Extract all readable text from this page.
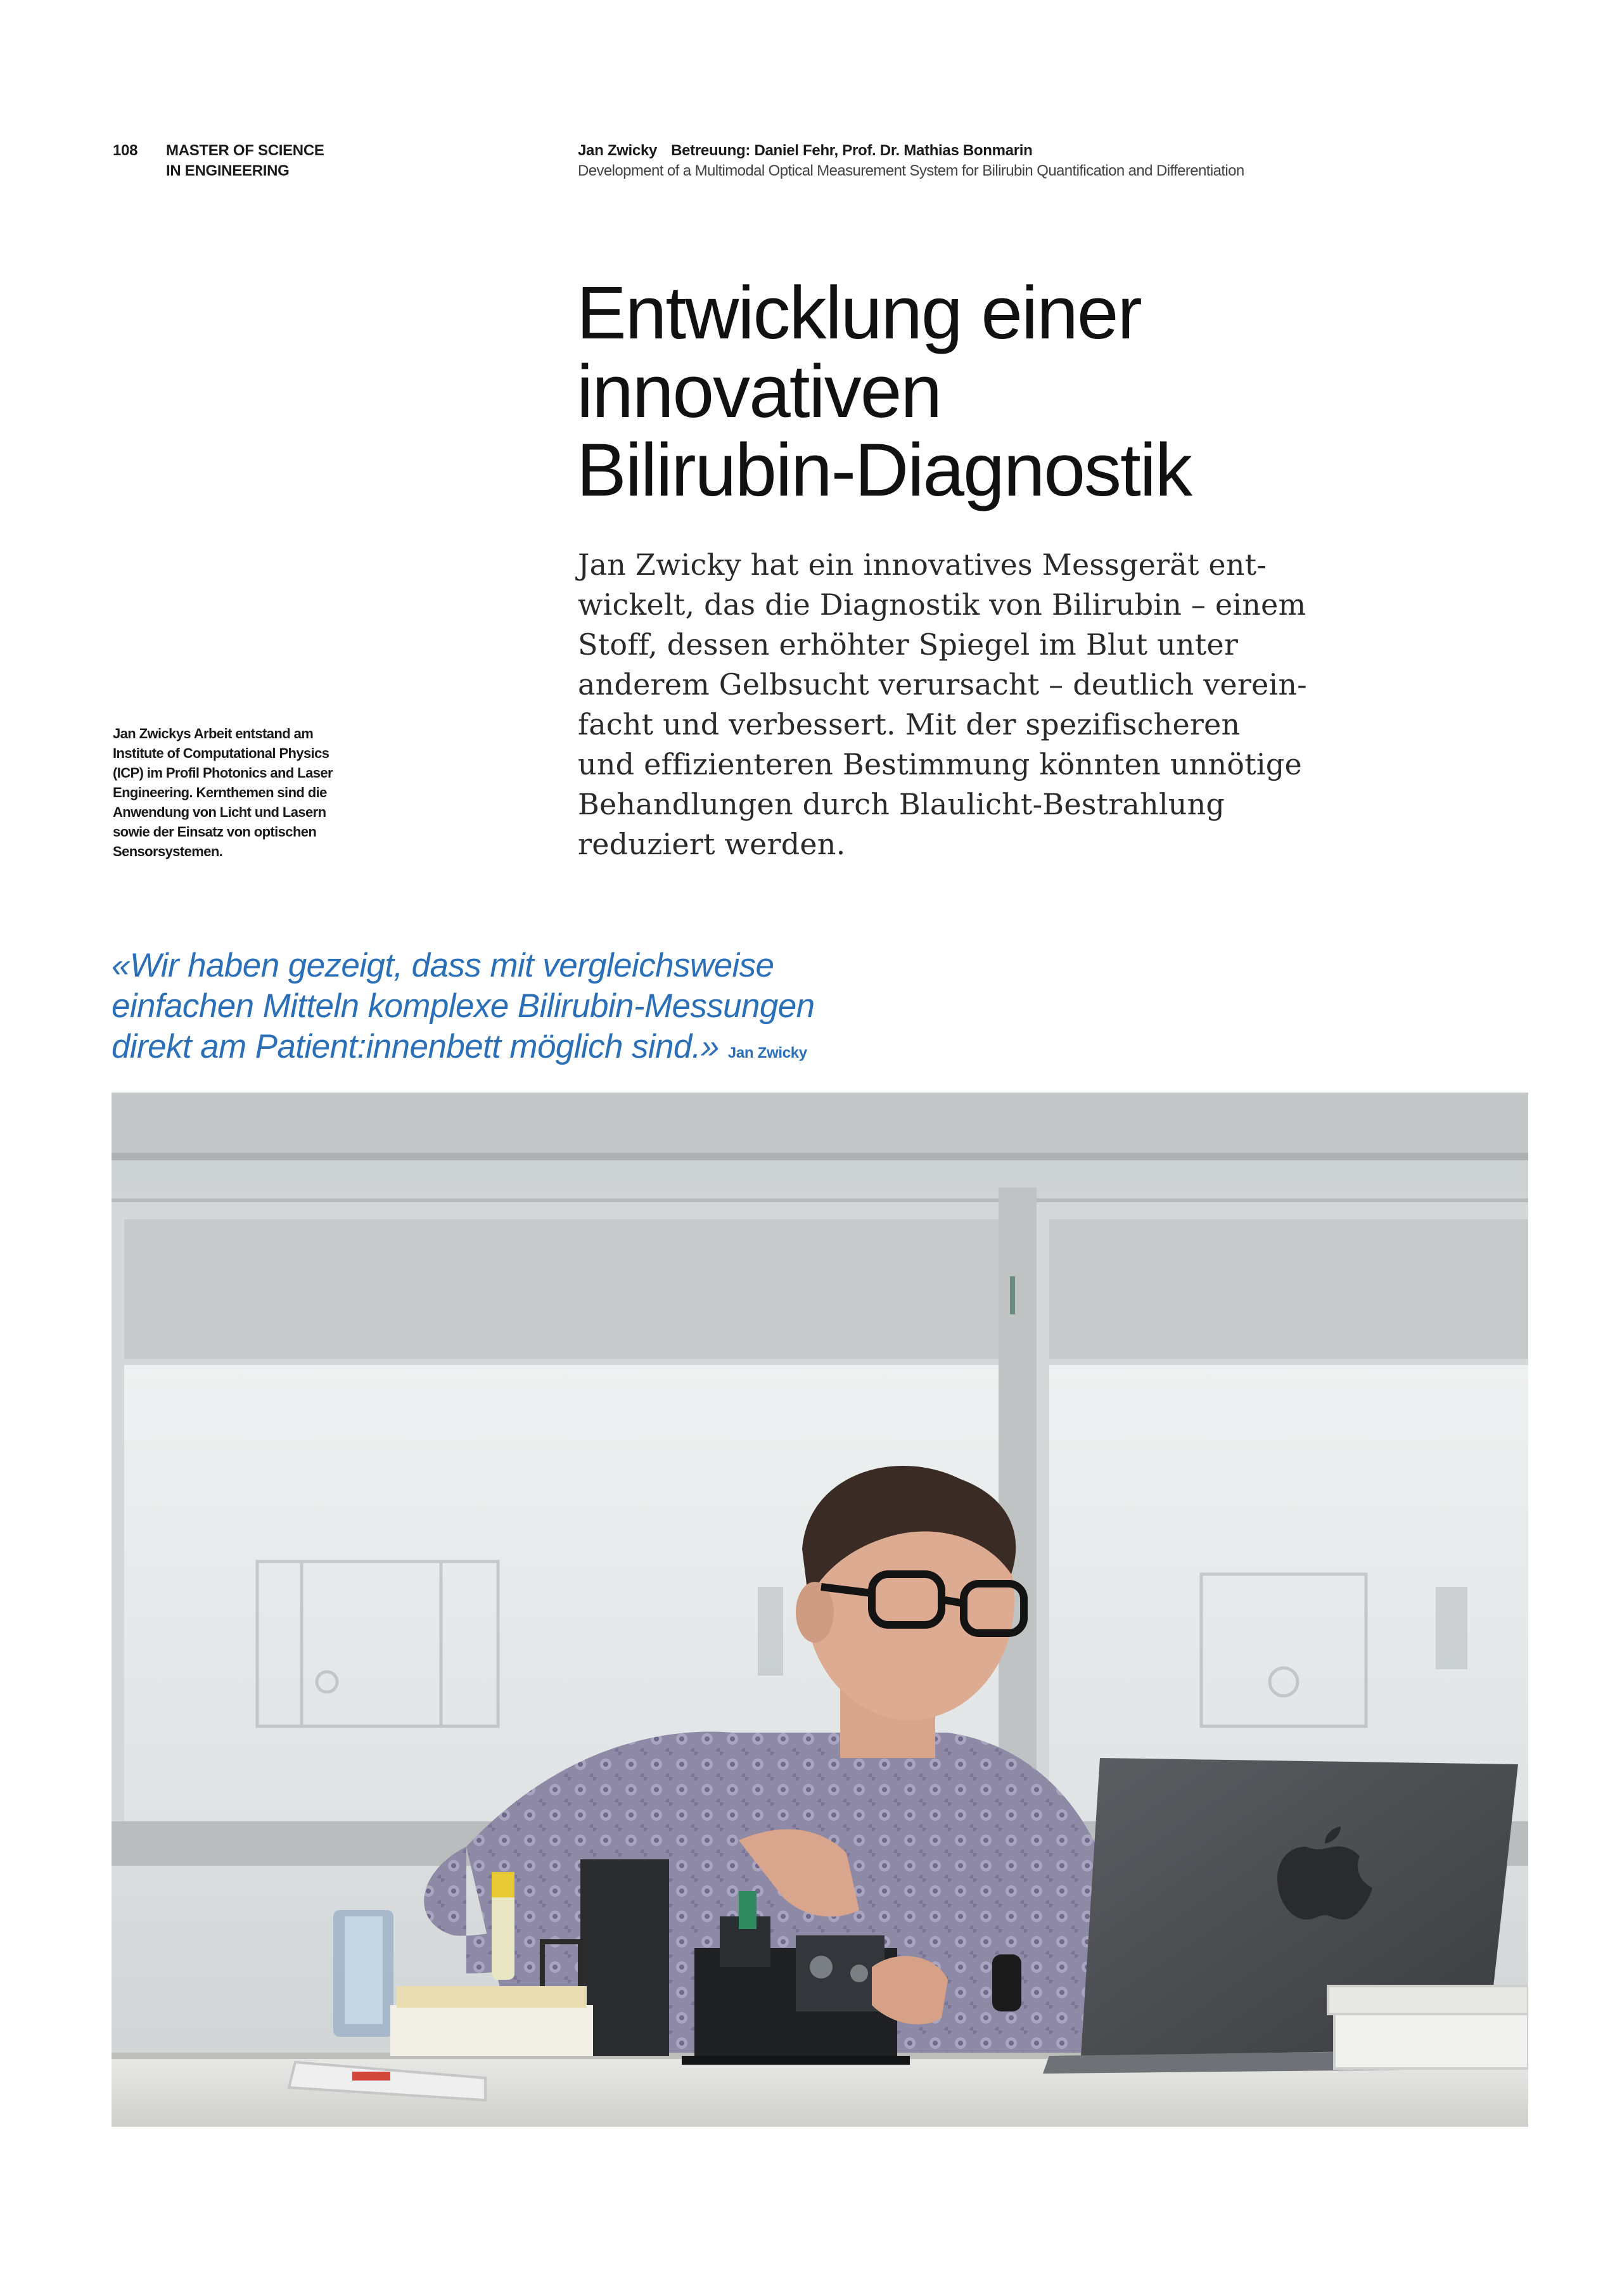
108 MASTER OF SCIENCE
IN ENGINEERING
Jan Zwicky Betreuung: Daniel Fehr, Prof. Dr. Mathias Bonmarin
Development of a Multimodal Optical Measurement System for Bilirubin Quantification and Differentiation
Entwicklung einer
innovativen
Bilirubin-Diagnostik
Jan Zwicky hat ein innovatives Messgerät ent-
wickelt, das die Diagnostik von Bilirubin – einem
Stoff, dessen erhöhter Spiegel im Blut unter
anderem Gelbsucht verursacht – deutlich verein-
facht und verbessert. Mit der spezifischeren
und effizienteren Bestimmung könnten unnötige
Behandlungen durch Blaulicht-Bestrahlung
reduziert werden.
Jan Zwickys Arbeit entstand am
Institute of Computational Physics
(ICP) im Profil Photonics and Laser
Engineering. Kernthemen sind die
Anwendung von Licht und Lasern
sowie der Einsatz von optischen
Sensorsystemen.
«Wir haben gezeigt, dass mit vergleichsweise
einfachen Mitteln komplexe Bilirubin-Messungen
direkt am Patient:innenbett möglich sind.» Jan Zwicky
